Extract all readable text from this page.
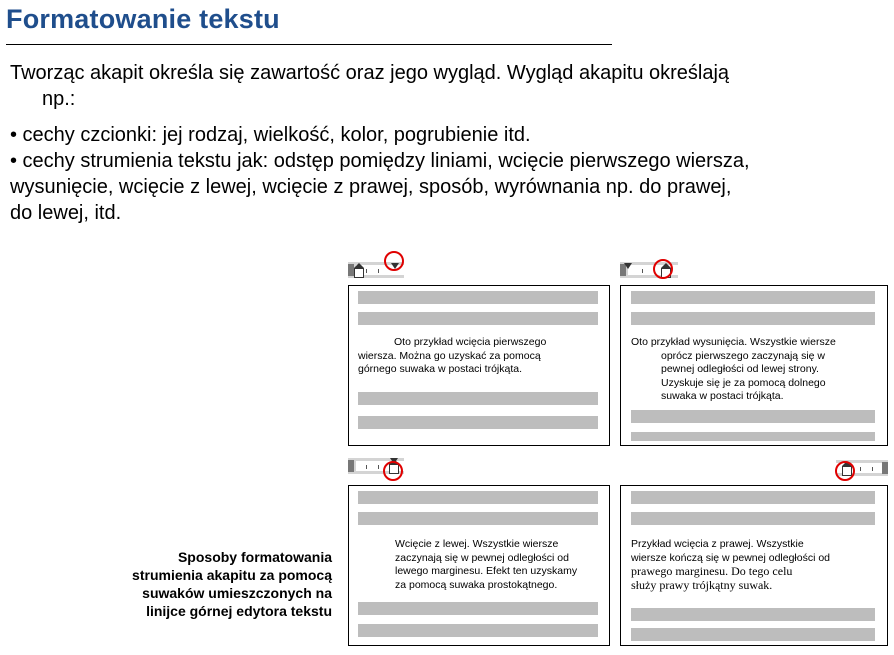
Formatowanie tekstu
Tworząc akapit określa się zawartość oraz jego wygląd. Wygląd akapitu określają
np.:
• cechy czcionki: jej rodzaj, wielkość, kolor, pogrubienie itd.
• cechy strumienia tekstu jak: odstęp pomiędzy liniami, wcięcie pierwszego wiersza,
wysunięcie, wcięcie z lewej, wcięcie z prawej, sposób, wyrównania np. do prawej,
do lewej, itd.
Oto przykład wcięcia pierwszego
wiersza. Można go uzyskać za pomocą
górnego suwaka w postaci trójkąta.
Oto przykład wysunięcia. Wszystkie wiersze
oprócz pierwszego zaczynają się w
pewnej odległości od lewej strony.
Uzyskuje się je za pomocą dolnego
suwaka w postaci trójkąta.
Wcięcie z lewej. Wszystkie wiersze
zaczynają się w pewnej odległości od
lewego marginesu. Efekt ten uzyskamy
za pomocą suwaka prostokątnego.
Przykład wcięcia z prawej. Wszystkie
wiersze kończą się w pewnej odległości od
prawego marginesu. Do tego celu
służy prawy trójkątny suwak.
Sposoby formatowania
strumienia akapitu za pomocą
suwaków umieszczonych na
linijce górnej edytora tekstu
